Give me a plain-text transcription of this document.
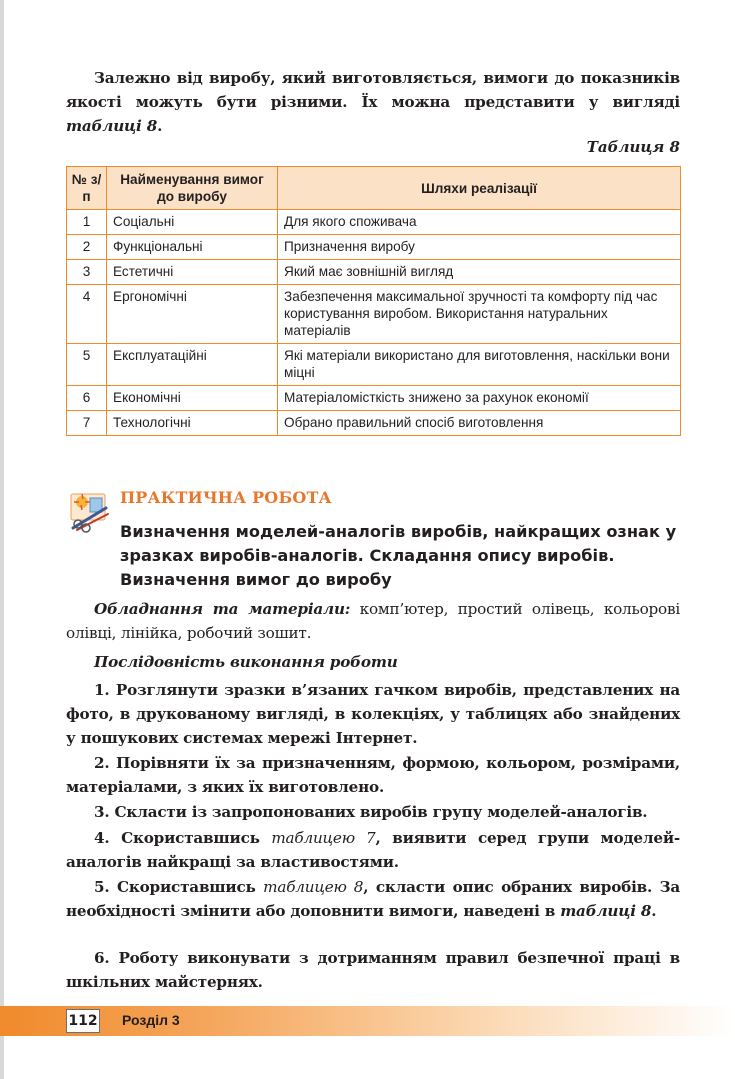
Залежно від виробу, який виготовляється, вимоги до показників якості можуть бути різними. Їх можна представити у вигляді таблиці 8.

Таблиця 8
№ з/п	Найменування вимог до виробу	Шляхи реалізації
1	Соціальні	Для якого споживача
2	Функціональні	Призначення виробу
3	Естетичні	Який має зовнішній вигляд
4	Ергономічні	Забезпечення максимальної зручності та комфорту під час користування виробом. Використання натуральних матеріалів
5	Експлуатаційні	Які матеріали використано для виготовлення, наскільки вони міцні
6	Економічні	Матеріаломісткість знижено за рахунок економії
7	Технологічні	Обрано правильний спосіб виготовлення
ПРАКТИЧНА РОБОТА
Визначення моделей-аналогів виробів, найкращих ознак у зразках виробів-аналогів. Складання опису виробів. Визначення вимог до виробу

Обладнання та матеріали: комп’ютер, простий олівець, кольорові олівці, лінійка, робочий зошит.

Послідовність виконання роботи

1. Розглянути зразки в’язаних гачком виробів, представлених на фото, в друкованому вигляді, в колекціях, у таблицях або знайдених у пошукових системах мережі Інтернет.

2. Порівняти їх за призначенням, формою, кольором, розмірами, матеріалами, з яких їх виготовлено.

3. Скласти із запропонованих виробів групу моделей-аналогів.

4. Скориставшись таблицею 7, виявити серед групи моделей-аналогів найкращі за властивостями.

5. Скориставшись таблицею 8, скласти опис обраних виробів. За необхідності змінити або доповнити вимоги, наведені в таблиці 8.

6. Роботу виконувати з дотриманням правил безпечної праці в шкільних майстернях.

112 Розділ 3
